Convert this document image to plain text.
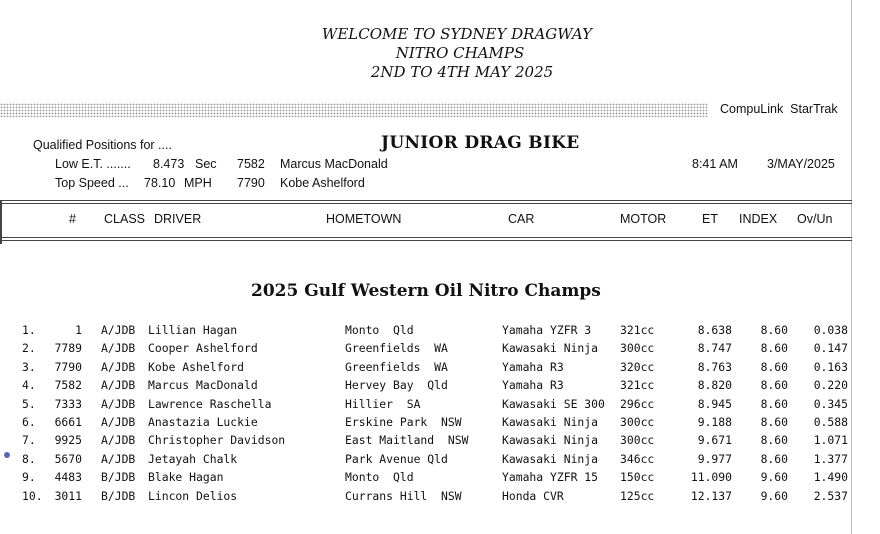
WELCOME TO SYDNEY DRAGWAY
NITRO CHAMPS
2ND TO 4TH MAY 2025
CompuLink  StarTrak
Qualified Positions for ....	JUNIOR DRAG BIKE
Low E.T. ....... 8.473 Sec 7582 Marcus MacDonald
Top Speed ... 78.10 MPH 7790 Kobe Ashelford
8:41 AM 3/MAY/2025
# CLASS DRIVER	HOMETOWN	CAR	MOTOR	ET INDEX Ov/Un
2025 Gulf Western Oil Nitro Champs
1.	1 A/JDB Lillian Hagan	Monto  Qld	Yamaha YZFR 3	321cc	8.638	8.60 0.038
2. 7789 A/JDB Cooper Ashelford	Greenfields  WA	Kawasaki Ninja 300cc	8.747	8.60 0.147
3. 7790 A/JDB Kobe Ashelford	Greenfields  WA	Yamaha R3	320cc	8.763	8.60 0.163
4. 7582 A/JDB Marcus MacDonald	Hervey Bay  Qld	Yamaha R3	321cc	8.820	8.60 0.220
5. 7333 A/JDB Lawrence Raschella	Hillier  SA	Kawasaki SE 300 296cc	8.945	8.60 0.345
6. 6661 A/JDB Anastazia Luckie	Erskine Park  NSW	Kawasaki Ninja 300cc	9.188	8.60 0.588
7. 9925 A/JDB Christopher Davidson	East Maitland  NSW	Kawasaki Ninja 300cc	9.671	8.60 1.071
8. 5670 A/JDB Jetayah Chalk	Park Avenue Qld	Kawasaki Ninja 346cc	9.977	8.60 1.377
9. 4483 B/JDB Blake Hagan	Monto  Qld	Yamaha YZFR 15 150cc	11.090	9.60 1.490
10. 3011 B/JDB Lincon Delios	Currans Hill  NSW	Honda CVR	125cc	12.137	9.60 2.537
